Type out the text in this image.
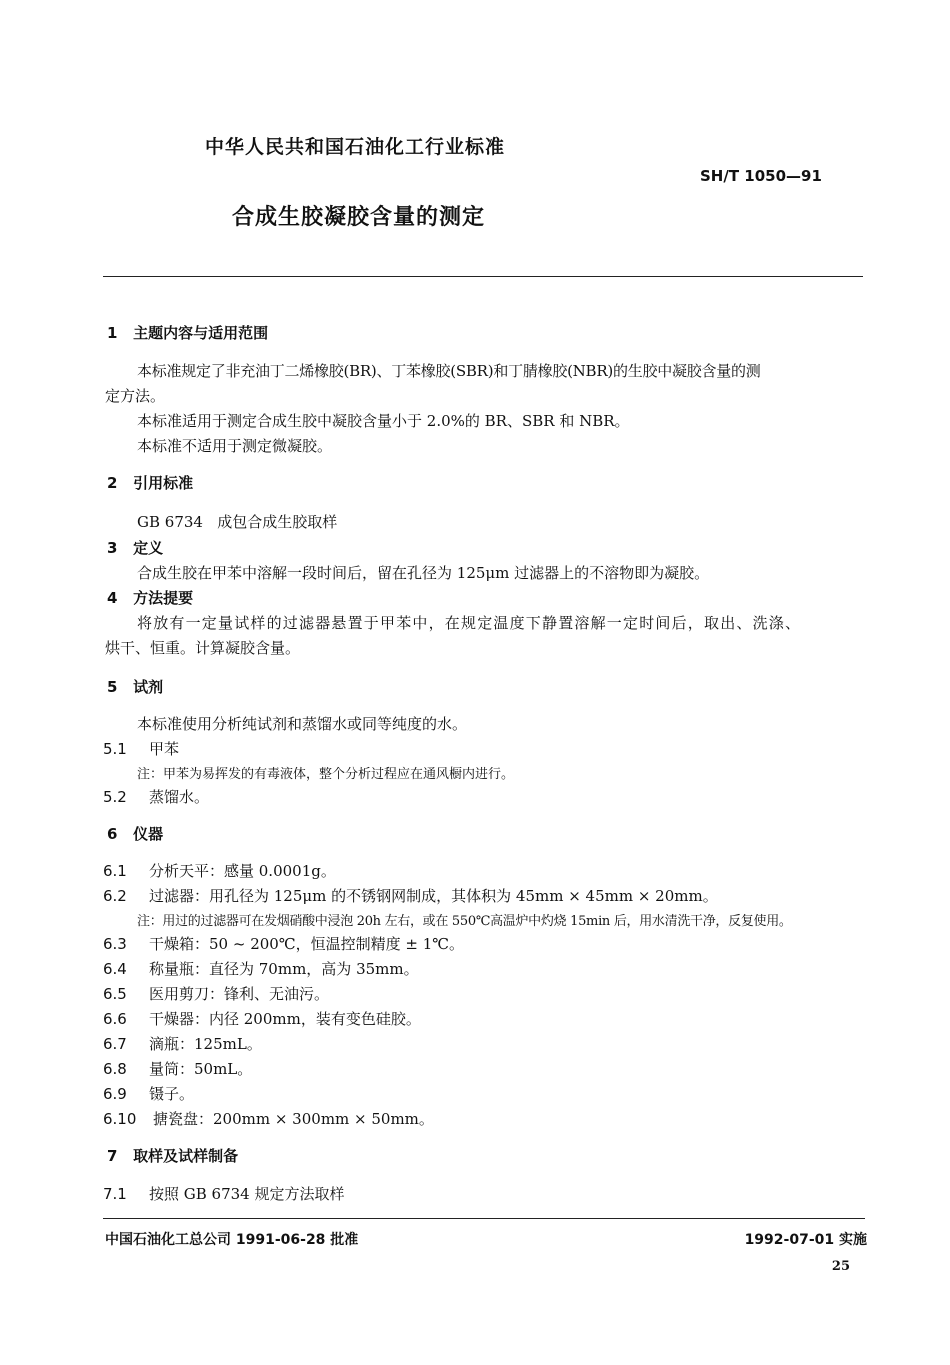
中华人民共和国石油化工行业标准
SH/T 1050—91
合成生胶凝胶含量的测定
1 主题内容与适用范围
本标准规定了非充油丁二烯橡胶(BR)、丁苯橡胶(SBR)和丁腈橡胶(NBR)的生胶中凝胶含量的测
定方法。
本标准适用于测定合成生胶中凝胶含量小于 2.0%的 BR、SBR 和 NBR。
本标准不适用于测定微凝胶。
2 引用标准
GB 6734 成包合成生胶取样
3 定义
合成生胶在甲苯中溶解一段时间后，留在孔径为 125μm 过滤器上的不溶物即为凝胶。
4 方法提要
将放有一定量试样的过滤器悬置于甲苯中，在规定温度下静置溶解一定时间后，取出、洗涤、
烘干、恒重。计算凝胶含量。
5 试剂
本标准使用分析纯试剂和蒸馏水或同等纯度的水。
5.1 甲苯
注：甲苯为易挥发的有毒液体，整个分析过程应在通风橱内进行。
5.2 蒸馏水。
6 仪器
6.1 分析天平：感量 0.0001g。
6.2 过滤器：用孔径为 125μm 的不锈钢网制成，其体积为 45mm × 45mm × 20mm。
注：用过的过滤器可在发烟硝酸中浸泡 20h 左右，或在 550℃高温炉中灼烧 15min 后，用水清洗干净，反复使用。
6.3 干燥箱：50 ~ 200℃，恒温控制精度 ± 1℃。
6.4 称量瓶：直径为 70mm，高为 35mm。
6.5 医用剪刀：锋利、无油污。
6.6 干燥器：内径 200mm，装有变色硅胶。
6.7 滴瓶：125mL。
6.8 量筒：50mL。
6.9 镊子。
6.10 搪瓷盘：200mm × 300mm × 50mm。
7 取样及试样制备
7.1 按照 GB 6734 规定方法取样
中国石油化工总公司 1991-06-28 批准	1992-07-01 实施
25
